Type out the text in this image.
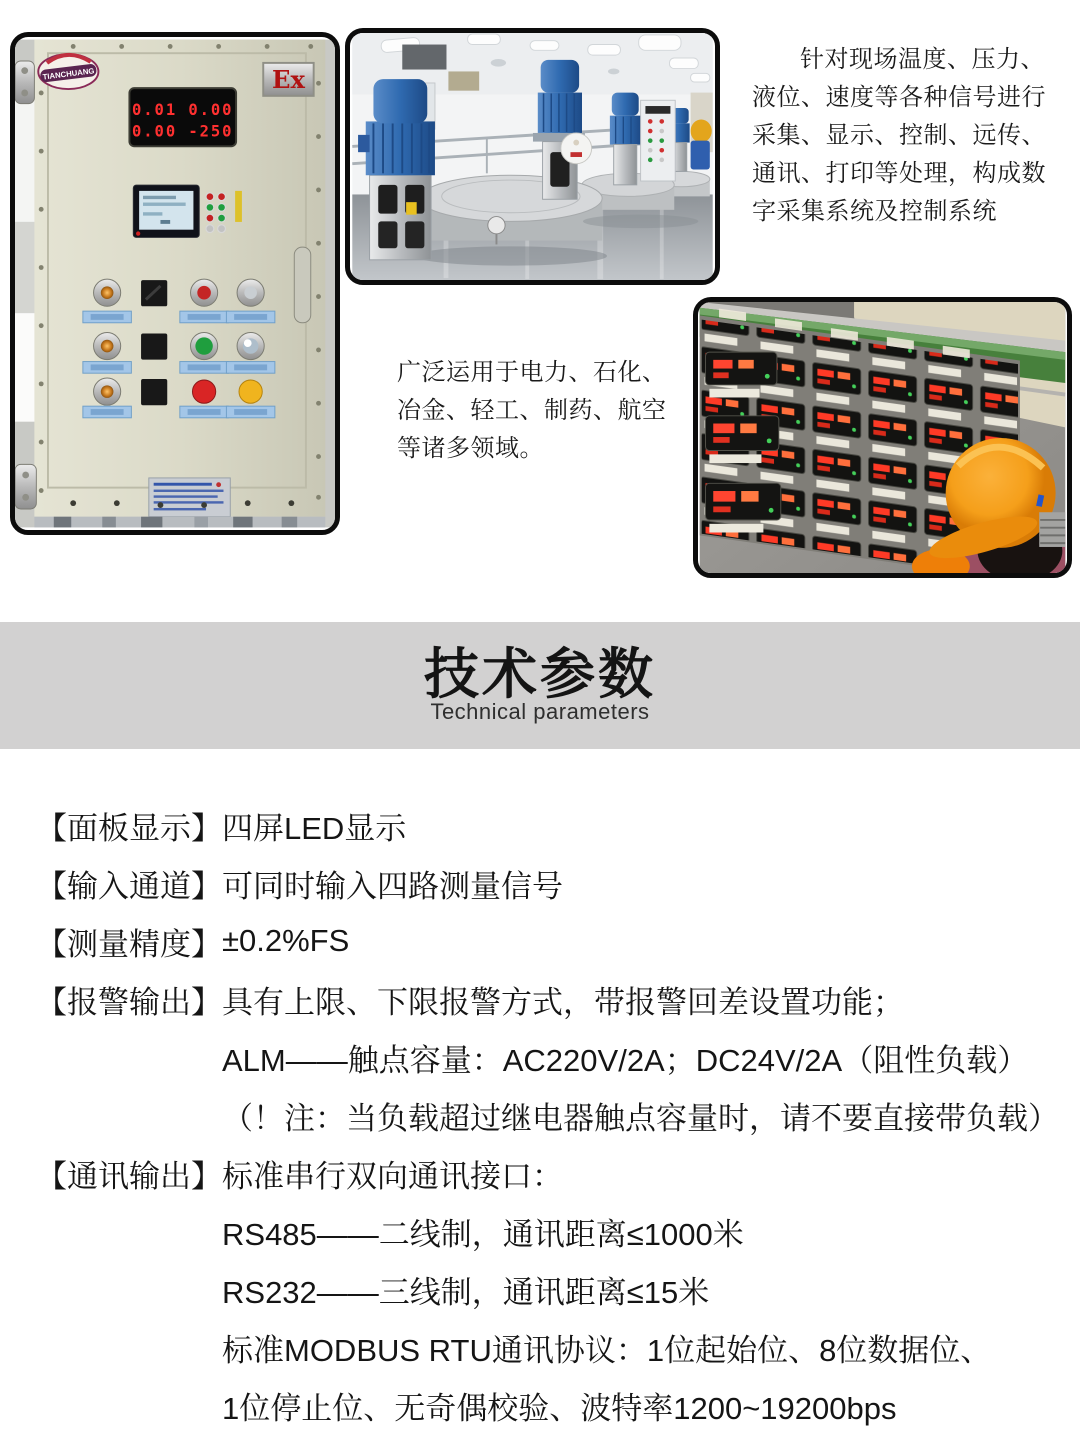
TIANCHUANG	Ex
0.01 0.00
0.00 -250
针对现场温度、压力、
液位、速度等各种信号进行
采集、显示、控制、远传、
通讯、打印等处理，构成数
字采集系统及控制系统
广泛运用于电力、石化、
冶金、轻工、制药、航空
等诸多领域。
技术参数
Technical parameters
【面板显示】 四屏LED显示
【输入通道】 可同时输入四路测量信号
【测量精度】 ±0.2%FS
【报警输出】 具有上限、下限报警方式，带报警回差设置功能；
ALM——触点容量：AC220V/2A；DC24V/2A（阻性负载）
（！注：当负载超过继电器触点容量时，请不要直接带负载）
【通讯输出】 标准串行双向通讯接口：
RS485——二线制，通讯距离≤1000米
RS232——三线制，通讯距离≤15米
标准MODBUS RTU通讯协议：1位起始位、8位数据位、
1位停止位、无奇偶校验、波特率1200~19200bps
